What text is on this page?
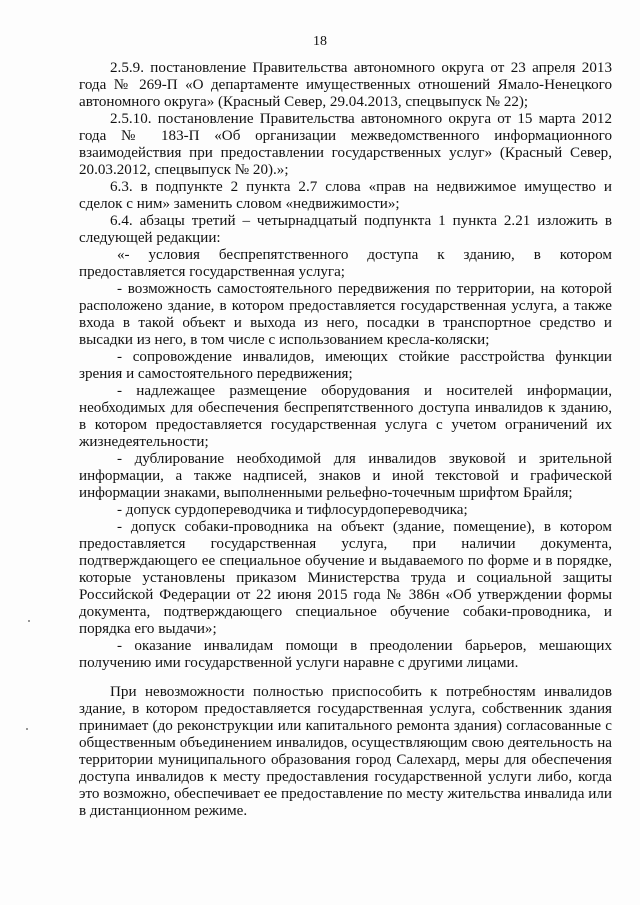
18

2.5.9. постановление Правительства автономного округа от 23 апреля 2013 года № 269-П «О департаменте имущественных отношений Ямало-Ненецкого автономного округа» (Красный Север, 29.04.2013, спецвыпуск № 22);

2.5.10. постановление Правительства автономного округа от 15 марта 2012 года № 183-П «Об организации межведомственного информационного взаимодействия при предоставлении государственных услуг» (Красный Север, 20.03.2012, спецвыпуск № 20).»;

6.3. в подпункте 2 пункта 2.7 слова «прав на недвижимое имущество и сделок с ним» заменить словом «недвижимости»;

6.4. абзацы третий – четырнадцатый подпункта 1 пункта 2.21 изложить в следующей редакции:

«- условия беспрепятственного доступа к зданию, в котором предоставляется государственная услуга;

- возможность самостоятельного передвижения по территории, на которой расположено здание, в котором предоставляется государственная услуга, а также входа в такой объект и выхода из него, посадки в транспортное средство и высадки из него, в том числе с использованием кресла-коляски;

- сопровождение инвалидов, имеющих стойкие расстройства функции зрения и самостоятельного передвижения;

- надлежащее размещение оборудования и носителей информации, необходимых для обеспечения беспрепятственного доступа инвалидов к зданию, в котором предоставляется государственная услуга с учетом ограничений их жизнедеятельности;

- дублирование необходимой для инвалидов звуковой и зрительной информации, а также надписей, знаков и иной текстовой и графической информации знаками, выполненными рельефно-точечным шрифтом Брайля;

- допуск сурдопереводчика и тифлосурдопереводчика;

- допуск собаки-проводника на объект (здание, помещение), в котором предоставляется государственная услуга, при наличии документа, подтверждающего ее специальное обучение и выдаваемого по форме и в порядке, которые установлены приказом Министерства труда и социальной защиты Российской Федерации от 22 июня 2015 года № 386н «Об утверждении формы документа, подтверждающего специальное обучение собаки-проводника, и порядка его выдачи»;

- оказание инвалидам помощи в преодолении барьеров, мешающих получению ими государственной услуги наравне с другими лицами.

При невозможности полностью приспособить к потребностям инвалидов здание, в котором предоставляется государственная услуга, собственник здания принимает (до реконструкции или капитального ремонта здания) согласованные с общественным объединением инвалидов, осуществляющим свою деятельность на территории муниципального образования город Салехард, меры для обеспечения доступа инвалидов к месту предоставления государственной услуги либо, когда это возможно, обеспечивает ее предоставление по месту жительства инвалида или в дистанционном режиме.
